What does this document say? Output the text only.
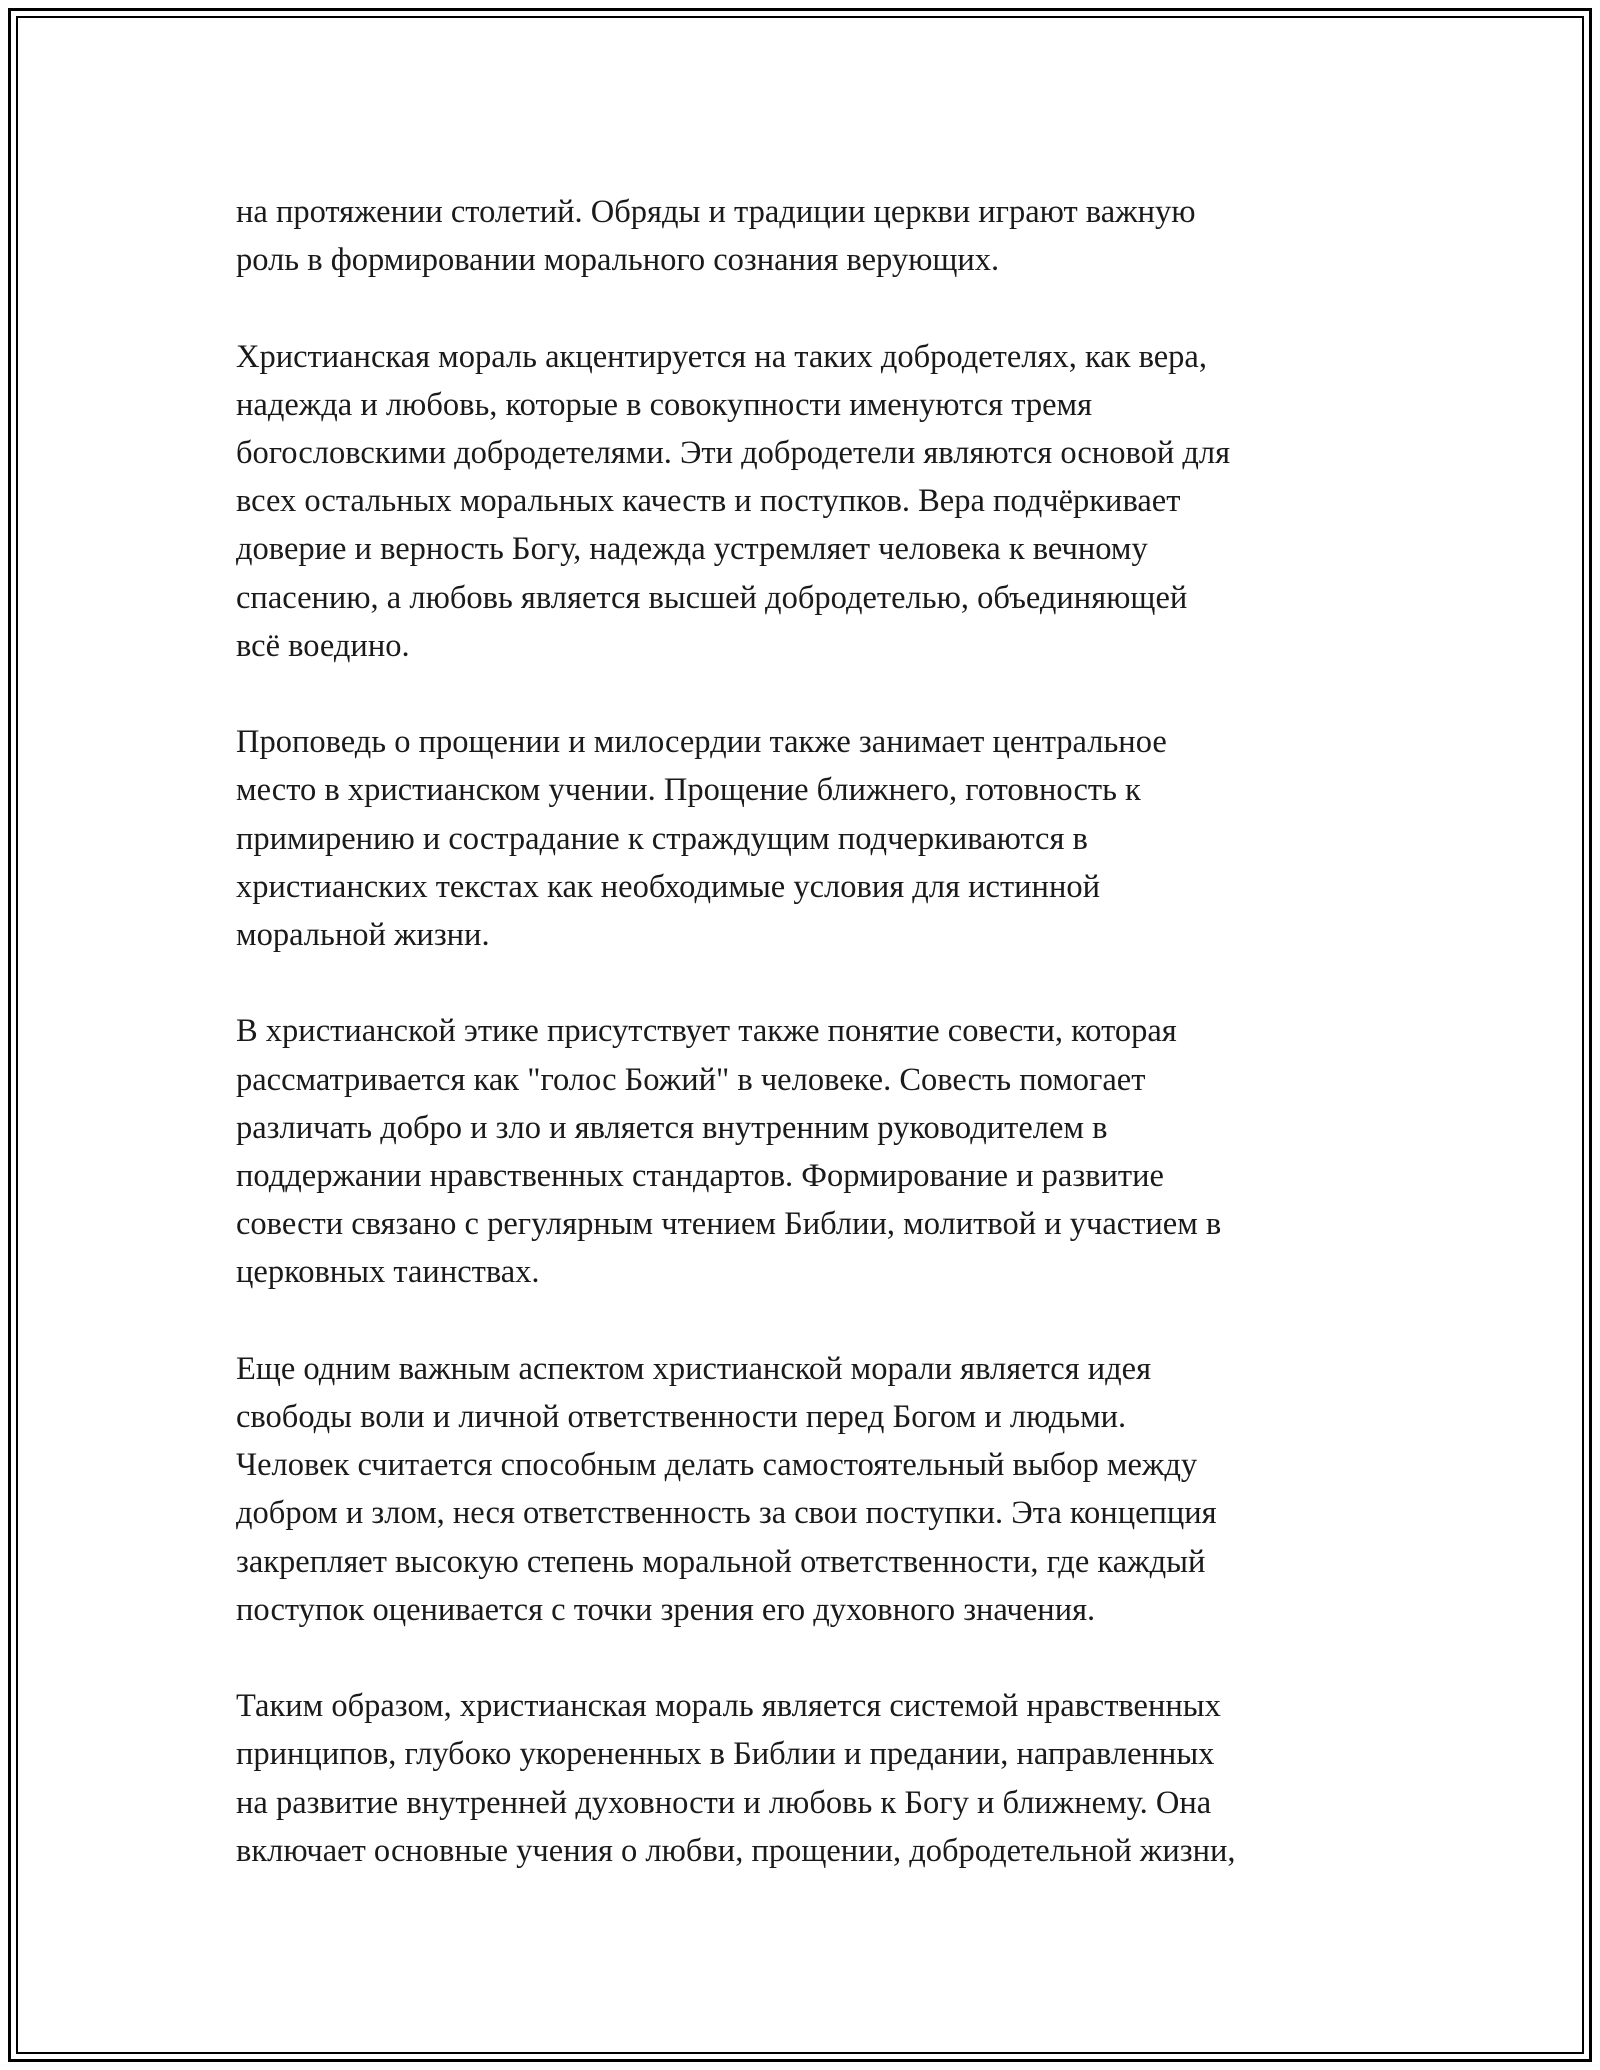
на протяжении столетий. Обряды и традиции церкви играют важную
роль в формировании морального сознания верующих.

Христианская мораль акцентируется на таких добродетелях, как вера,
надежда и любовь, которые в совокупности именуются тремя
богословскими добродетелями. Эти добродетели являются основой для
всех остальных моральных качеств и поступков. Вера подчёркивает
доверие и верность Богу, надежда устремляет человека к вечному
спасению, а любовь является высшей добродетелью, объединяющей
всё воедино.

Проповедь о прощении и милосердии также занимает центральное
место в христианском учении. Прощение ближнего, готовность к
примирению и сострадание к страждущим подчеркиваются в
христианских текстах как необходимые условия для истинной
моральной жизни.

В христианской этике присутствует также понятие совести, которая
рассматривается как "голос Божий" в человеке. Совесть помогает
различать добро и зло и является внутренним руководителем в
поддержании нравственных стандартов. Формирование и развитие
совести связано с регулярным чтением Библии, молитвой и участием в
церковных таинствах.

Еще одним важным аспектом христианской морали является идея
свободы воли и личной ответственности перед Богом и людьми.
Человек считается способным делать самостоятельный выбор между
добром и злом, неся ответственность за свои поступки. Эта концепция
закрепляет высокую степень моральной ответственности, где каждый
поступок оценивается с точки зрения его духовного значения.

Таким образом, христианская мораль является системой нравственных
принципов, глубоко укорененных в Библии и предании, направленных
на развитие внутренней духовности и любовь к Богу и ближнему. Она
включает основные учения о любви, прощении, добродетельной жизни,
